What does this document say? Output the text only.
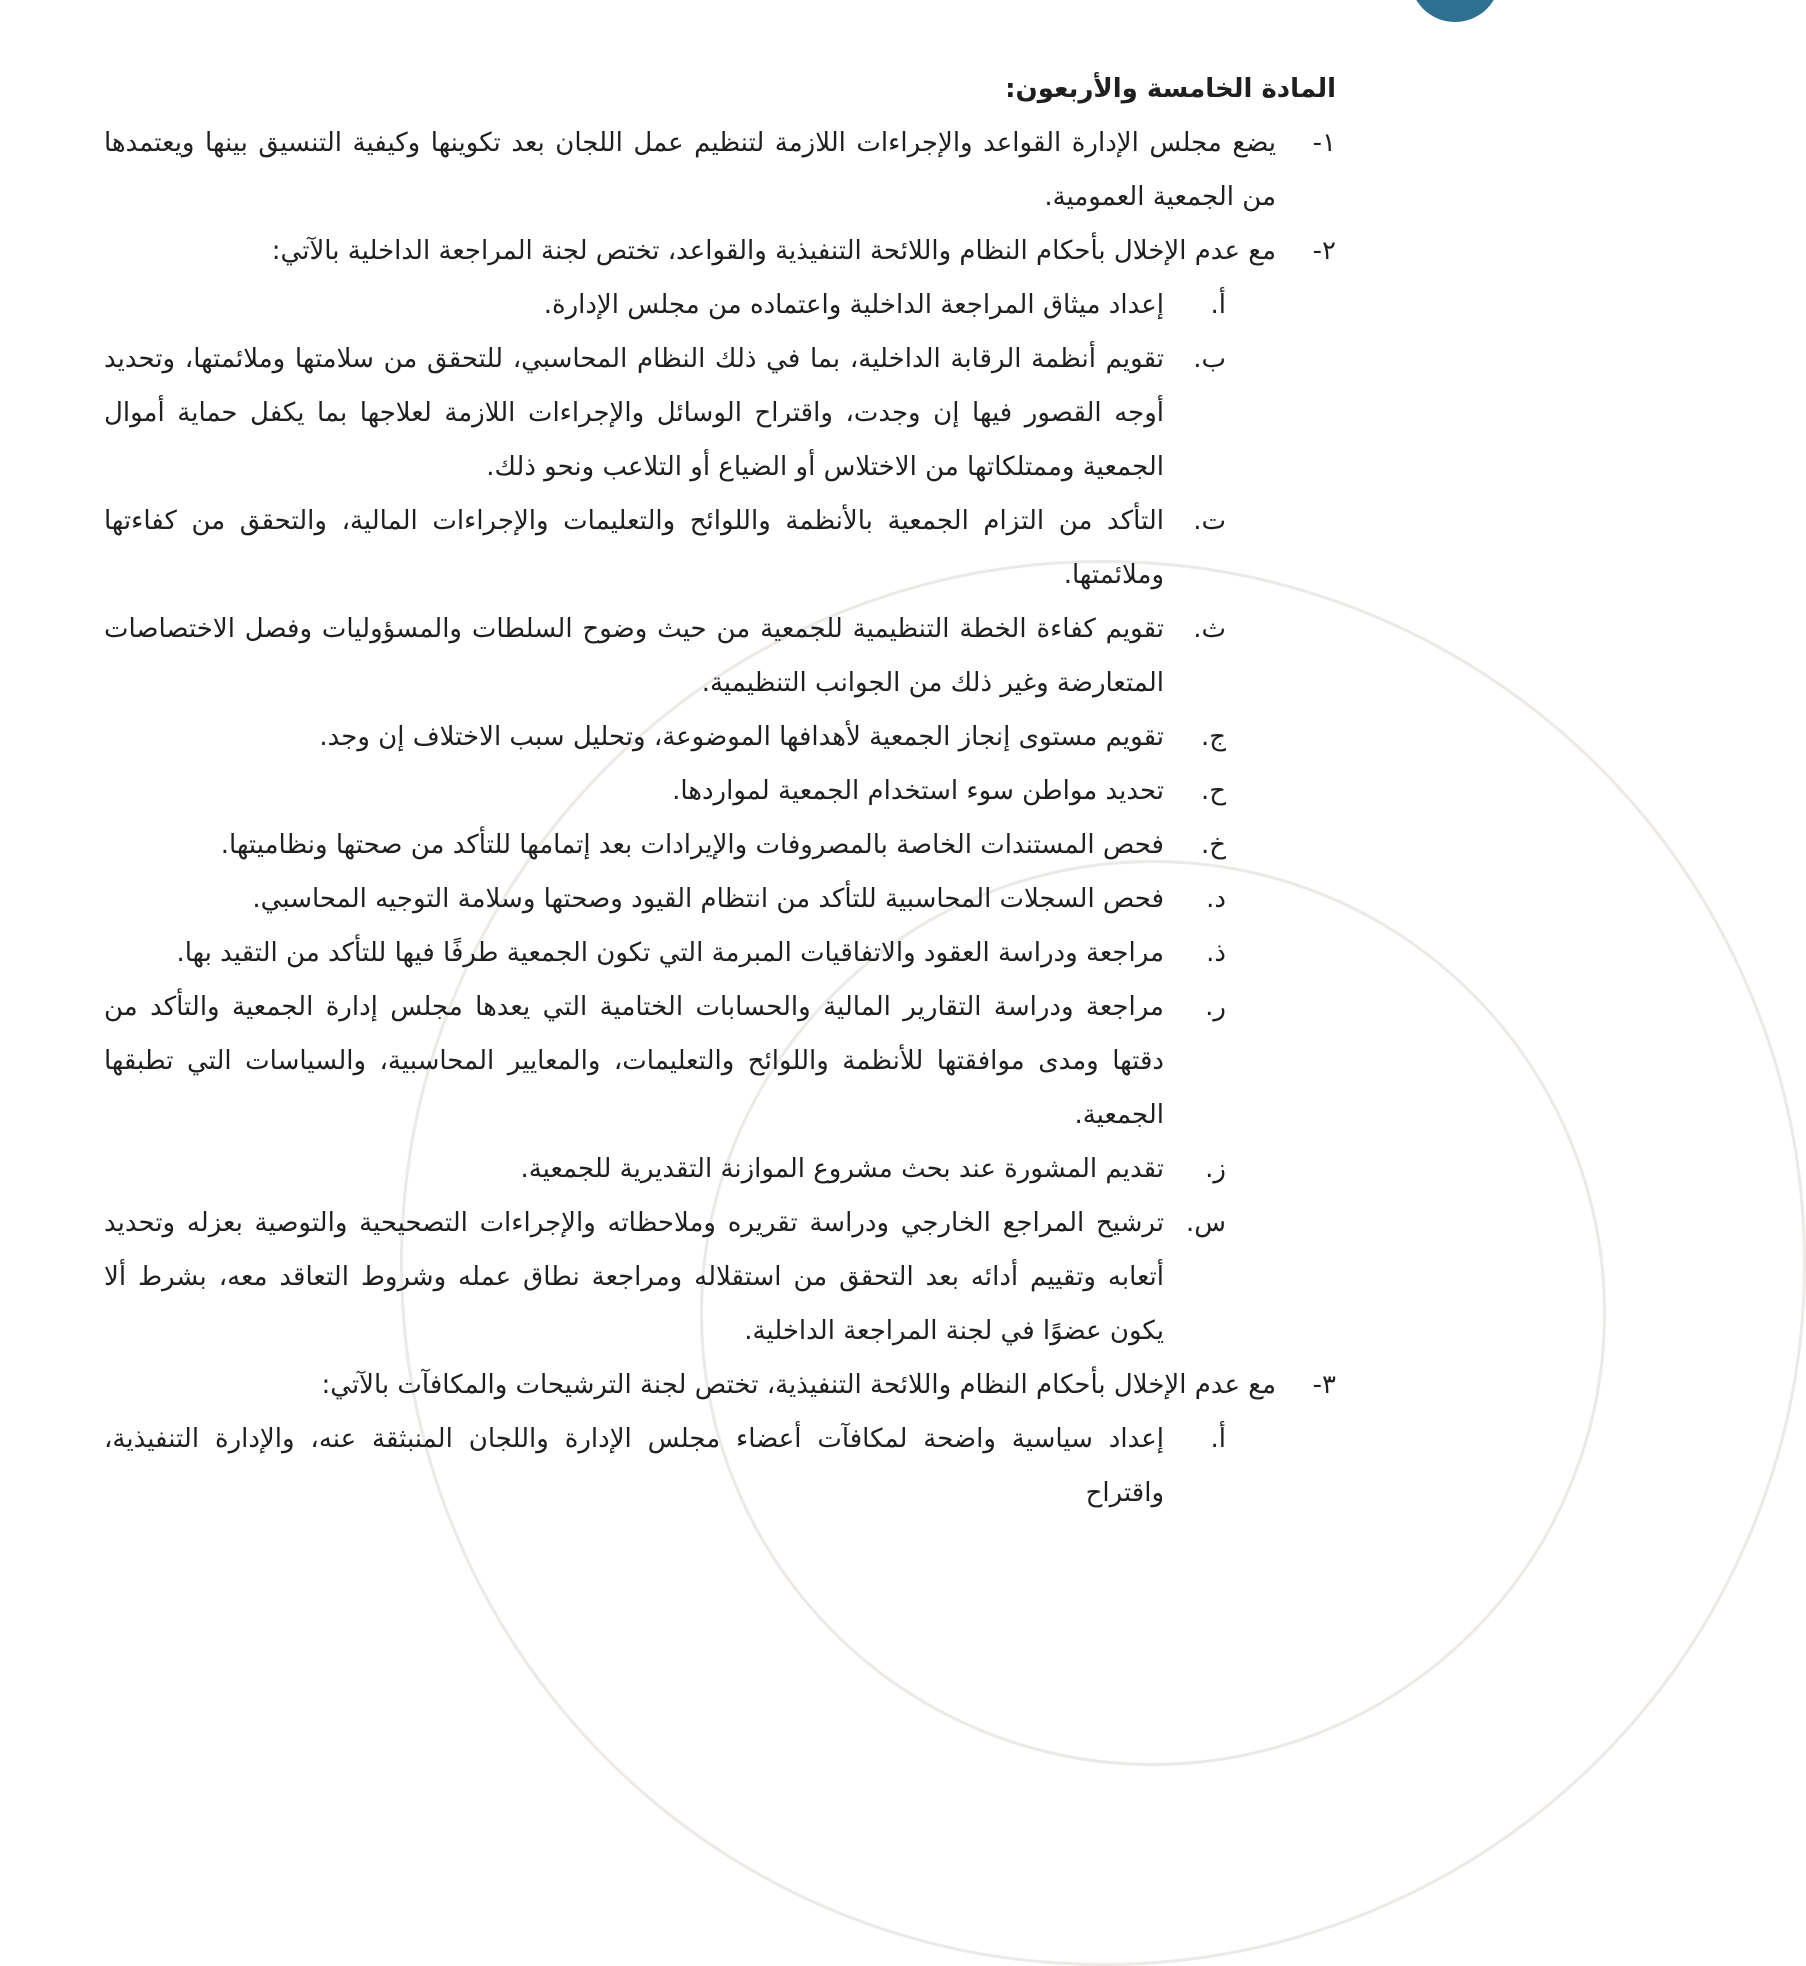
المادة الخامسة والأربعون:
١-
يضع مجلس الإدارة القواعد والإجراءات اللازمة لتنظيم عمل اللجان بعد تكوينها وكيفية التنسيق بينها ويعتمدها من الجمعية العمومية.
٢-
مع عدم الإخلال بأحكام النظام واللائحة التنفيذية والقواعد، تختص لجنة المراجعة الداخلية بالآتي:
أ.
إعداد ميثاق المراجعة الداخلية واعتماده من مجلس الإدارة.
ب.
تقويم أنظمة الرقابة الداخلية، بما في ذلك النظام المحاسبي، للتحقق من سلامتها وملائمتها، وتحديد أوجه القصور فيها إن وجدت، واقتراح الوسائل والإجراءات اللازمة لعلاجها بما يكفل حماية أموال الجمعية وممتلكاتها من الاختلاس أو الضياع أو التلاعب ونحو ذلك.
ت.
التأكد من التزام الجمعية بالأنظمة واللوائح والتعليمات والإجراءات المالية، والتحقق من كفاءتها وملائمتها.
ث.
تقويم كفاءة الخطة التنظيمية للجمعية من حيث وضوح السلطات والمسؤوليات وفصل الاختصاصات المتعارضة وغير ذلك من الجوانب التنظيمية.
ج.
تقويم مستوى إنجاز الجمعية لأهدافها الموضوعة، وتحليل سبب الاختلاف إن وجد.
ح.
تحديد مواطن سوء استخدام الجمعية لمواردها.
خ.
فحص المستندات الخاصة بالمصروفات والإيرادات بعد إتمامها للتأكد من صحتها ونظاميتها.
د.
فحص السجلات المحاسبية للتأكد من انتظام القيود وصحتها وسلامة التوجيه المحاسبي.
ذ.
مراجعة ودراسة العقود والاتفاقيات المبرمة التي تكون الجمعية طرفًا فيها للتأكد من التقيد بها.
ر.
مراجعة ودراسة التقارير المالية والحسابات الختامية التي يعدها مجلس إدارة الجمعية والتأكد من دقتها ومدى موافقتها للأنظمة واللوائح والتعليمات، والمعايير المحاسبية، والسياسات التي تطبقها الجمعية.
ز.
تقديم المشورة عند بحث مشروع الموازنة التقديرية للجمعية.
س.
ترشيح المراجع الخارجي ودراسة تقريره وملاحظاته والإجراءات التصحيحية والتوصية بعزله وتحديد أتعابه وتقييم أدائه بعد التحقق من استقلاله ومراجعة نطاق عمله وشروط التعاقد معه، بشرط ألا يكون عضوًا في لجنة المراجعة الداخلية.
٣-
مع عدم الإخلال بأحكام النظام واللائحة التنفيذية، تختص لجنة الترشيحات والمكافآت بالآتي:
أ.
إعداد سياسية واضحة لمكافآت أعضاء مجلس الإدارة واللجان المنبثقة عنه، والإدارة التنفيذية، واقتراح
